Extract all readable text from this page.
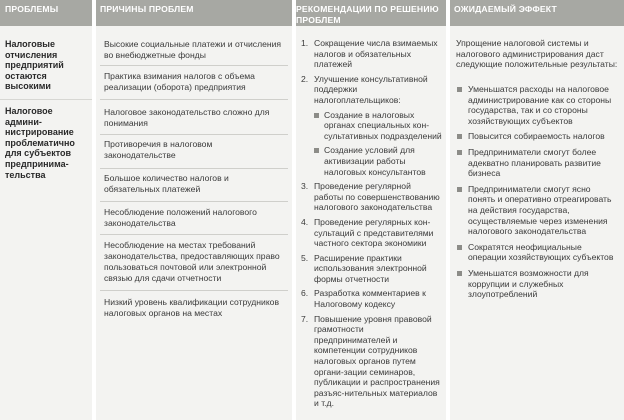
ПРОБЛЕМЫ	ПРИЧИНЫ ПРОБЛЕМ	РЕКОМЕНДАЦИИ ПО РЕШЕНИЮ ПРОБЛЕМ
ОЖИДАЕМЫЙ ЭФФЕКТ
Налоговые отчисления предприятий остаются высокими
Налоговое админи-нистрирование проблематично для субъектов предпринима-тельства
Высокие социальные платежи и отчисления во внебюджетные фонды
Практика взимания налогов с объема реализации (оборота) предприятия
Налоговое законодательство сложно для понимания
Противоречия в налоговом законодательстве
Большое количество налогов и обязательных платежей
Несоблюдение положений налогового законодательства
Несоблюдение на местах требований законодательства, предоставляющих право пользоваться почтовой или электронной связью для сдачи отчетности
Низкий уровень квалификации сотрудников налоговых органов на местах
1. Сокращение числа взимаемых налогов и обязательных платежей
2. Улучшение консультативной поддержки налогоплательщиков:
Создание в налоговых органах специальных кон-сультативных подразделений
Создание условий для активизации работы налоговых консультантов
3. Проведение регулярной работы по совершенствованию налогового законодательства
4. Проведение регулярных кон-сультаций с представителями частного сектора экономики
5. Расширение практики использования электронной формы отчетности
6. Разработка комментариев к Налоговому кодексу
7. Повышение уровня правовой грамотности предпринимателей и компетенции сотрудников налоговых органов путем органи-зации семинаров, публикации и распространения разъяс-нительных материалов и т.д.
Упрощение налоговой системы и налогового администрирования даст следующие положительные результаты:
Уменьшатся расходы на налоговое администрирование как со стороны государства, так и со стороны хозяйствующих субъектов
Повысится собираемость налогов
Предприниматели смогут более адекватно планировать развитие бизнеса
Предприниматели смогут ясно понять и оперативно отреагировать на действия государства, осуществляемые через изменения налогового законодательства
Сократятся неофициальные операции хозяйствующих субъектов
Уменьшатся возможности для коррупции и служебных злоупотреблений
